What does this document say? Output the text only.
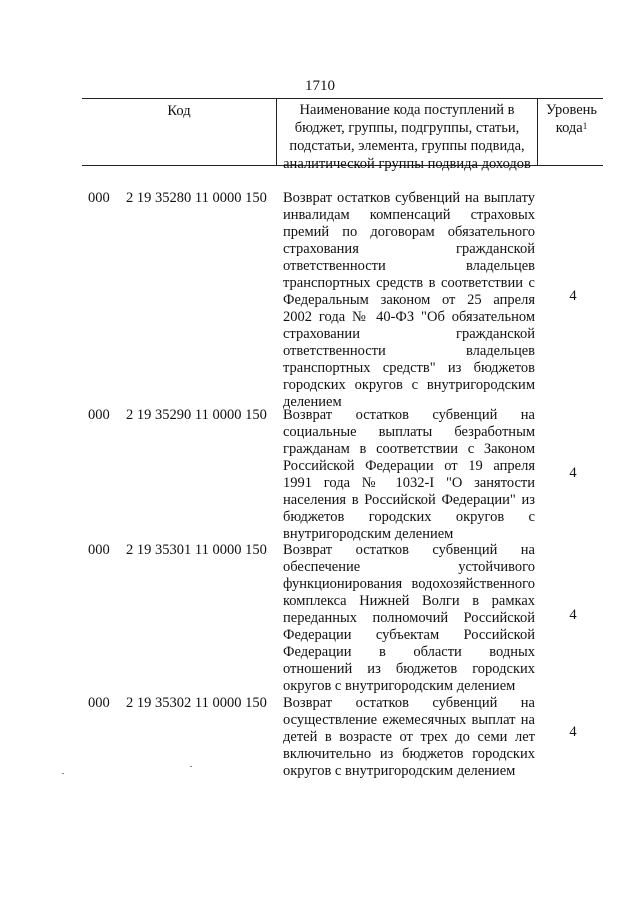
1710
Код	Наименование кода поступлений в бюджет, группы, подгруппы, статьи, подстатьи, элемента, группы подвида, аналитической группы подвида доходов
Уровень кода$^1$
000 2 19 35280 11 0000 150 Возврат остатков субвенций на выплату инвалидам компенсаций страховых премий по договорам обязательного страхования гражданской ответственности владельцев транспортных средств в соответствии с Федеральным законом от 25 апреля 2002 года № 40-ФЗ "Об обязательном страховании гражданской ответственности владельцев транспортных средств" из бюджетов городских округов с внутригородским делением
4
000 2 19 35290 11 0000 150 Возврат остатков субвенций на социальные выплаты безработным гражданам в соответствии с Законом Российской Федерации от 19 апреля 1991 года № 1032-I "О занятости населения в Российской Федерации" из бюджетов городских округов с внутригородским делением
4
000 2 19 35301 11 0000 150 Возврат остатков субвенций на обеспечение устойчивого функционирования водохозяйственного комплекса Нижней Волги в рамках переданных полномочий Российской Федерации субъектам Российской Федерации в области водных отношений из бюджетов городских округов с внутригородским делением
4
000 2 19 35302 11 0000 150 Возврат остатков субвенций на осуществление ежемесячных выплат на детей в возрасте от трех до семи лет включительно из бюджетов городских округов с внутригородским делением
4
